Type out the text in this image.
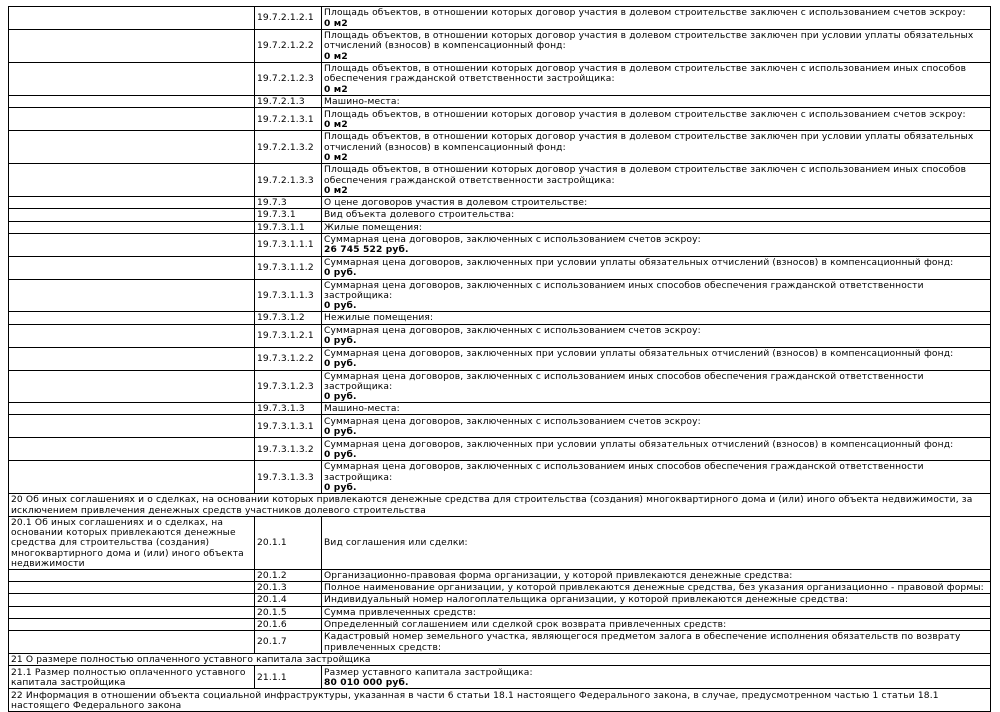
	19.7.2.1.2.1	Площадь объектов, в отношении которых договор участия в долевом строительстве заключен с использованием счетов эскроу:
0 м2

	19.7.2.1.2.2	Площадь объектов, в отношении которых договор участия в долевом строительстве заключен при условии уплаты обязательных отчислений (взносов) в компенсационный фонд:
0 м2

	19.7.2.1.2.3	Площадь объектов, в отношении которых договор участия в долевом строительстве заключен с использованием иных способов обеспечения гражданской ответственности застройщика:
0 м2

	19.7.2.1.3	Машино-места:
	19.7.2.1.3.1	Площадь объектов, в отношении которых договор участия в долевом строительстве заключен с использованием счетов эскроу:
0 м2

	19.7.2.1.3.2	Площадь объектов, в отношении которых договор участия в долевом строительстве заключен при условии уплаты обязательных отчислений (взносов) в компенсационный фонд:
0 м2

	19.7.2.1.3.3	Площадь объектов, в отношении которых договор участия в долевом строительстве заключен с использованием иных способов обеспечения гражданской ответственности застройщика:
0 м2

	19.7.3	О цене договоров участия в долевом строительстве:
	19.7.3.1	Вид объекта долевого строительства:
	19.7.3.1.1	Жилые помещения:
	19.7.3.1.1.1	Суммарная цена договоров, заключенных с использованием счетов эскроу:
26 745 522 руб.

	19.7.3.1.1.2	Суммарная цена договоров, заключенных при условии уплаты обязательных отчислений (взносов) в компенсационный фонд:
0 руб.

	19.7.3.1.1.3	Суммарная цена договоров, заключенных с использованием иных способов обеспечения гражданской ответственности застройщика:
0 руб.

	19.7.3.1.2	Нежилые помещения:
	19.7.3.1.2.1	Суммарная цена договоров, заключенных с использованием счетов эскроу:
0 руб.

	19.7.3.1.2.2	Суммарная цена договоров, заключенных при условии уплаты обязательных отчислений (взносов) в компенсационный фонд:
0 руб.

	19.7.3.1.2.3	Суммарная цена договоров, заключенных с использованием иных способов обеспечения гражданской ответственности застройщика:
0 руб.

	19.7.3.1.3	Машино-места:
	19.7.3.1.3.1	Суммарная цена договоров, заключенных с использованием счетов эскроу:
0 руб.

	19.7.3.1.3.2	Суммарная цена договоров, заключенных при условии уплаты обязательных отчислений (взносов) в компенсационный фонд:
0 руб.

	19.7.3.1.3.3	Суммарная цена договоров, заключенных с использованием иных способов обеспечения гражданской ответственности застройщика:
0 руб.

20 Об иных соглашениях и о сделках, на основании которых привлекаются денежные средства для строительства (создания) многоквартирного дома и (или) иного объекта недвижимости, за исключением привлечения денежных средств участников долевого строительства		
20.1 Об иных соглашениях и о сделках, на основании которых привлекаются денежные средства для строительства (создания) многоквартирного дома и (или) иного объекта недвижимости	20.1.1	Вид соглашения или сделки:
	20.1.2	Организационно-правовая форма организации, у которой привлекаются денежные средства:
	20.1.3	Полное наименование организации, у которой привлекаются денежные средства, без указания организационно - правовой формы:
	20.1.4	Индивидуальный номер налогоплательщика организации, у которой привлекаются денежные средства:
	20.1.5	Сумма привлеченных средств:
	20.1.6	Определенный соглашением или сделкой срок возврата привлеченных средств:
	20.1.7	Кадастровый номер земельного участка, являющегося предметом залога в обеспечение исполнения обязательств по возврату привлеченных средств:
21 О размере полностью оплаченного уставного капитала застройщика		
21.1 Размер полностью оплаченного уставного капитала застройщика	21.1.1	Размер уставного капитала застройщика:
80 010 000 руб.

22 Информация в отношении объекта социальной инфраструктуры, указанная в части 6 статьи 18.1 настоящего Федерального закона, в случае, предусмотренном частью 1 статьи 18.1 настоящего Федерального закона		
